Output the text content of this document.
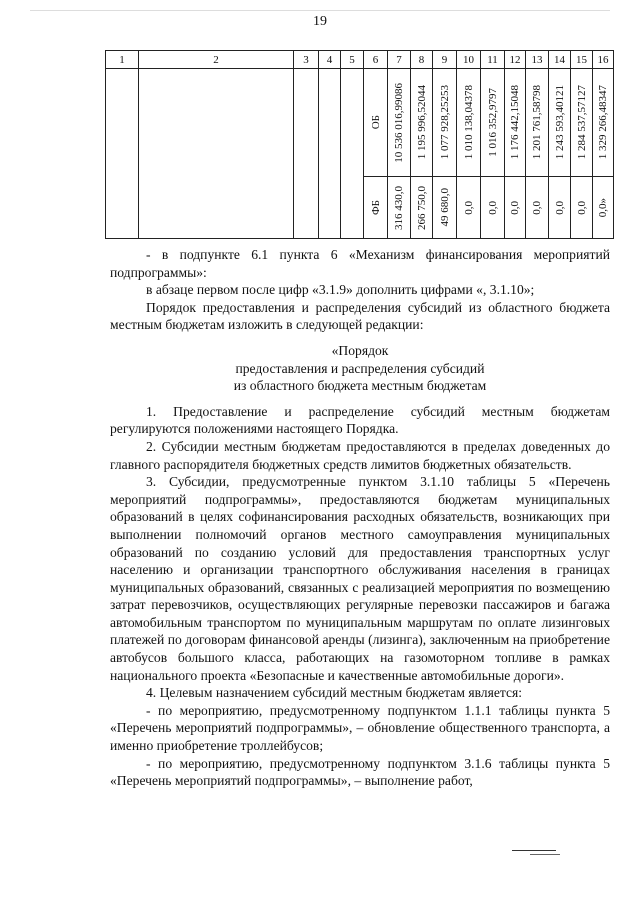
19
1	2	3	4	5	6	7	8	9	10	11	12	13	14	15	16

					ОБ	10 536 016,99086	1 195 996,52044	1 077 928,25253	1 010 138,04378	1 016 352,9797	1 176 442,15048	1 201 761,58798	1 243 593,40121	1 284 537,57127	1 329 266,48347

					ФБ	316 430,0	266 750,0	49 680,0	0,0	0,0	0,0	0,0	0,0	0,0	0,0»

- в подпункте 6.1 пункта 6 «Механизм финансирования мероприятий подпрограммы»:

в абзаце первом после цифр «3.1.9» дополнить цифрами «, 3.1.10»;

Порядок предоставления и распределения субсидий из областного бюджета местным бюджетам изложить в следующей редакции:

«Порядок

предоставления и распределения субсидий

из областного бюджета местным бюджетам

1. Предоставление и распределение субсидий местным бюджетам регулируются положениями настоящего Порядка.

2. Субсидии местным бюджетам предоставляются в пределах доведенных до главного распорядителя бюджетных средств лимитов бюджетных обязательств.

3. Субсидии, предусмотренные пунктом 3.1.10 таблицы 5 «Перечень мероприятий подпрограммы», предоставляются бюджетам муниципальных образований в целях софинансирования расходных обязательств, возникающих при выполнении полномочий органов местного самоуправления муниципальных образований по созданию условий для предоставления транспортных услуг населению и организации транспортного обслуживания населения в границах муниципальных образований, связанных с реализацией мероприятия по возмещению затрат перевозчиков, осуществляющих регулярные перевозки пассажиров и багажа автомобильным транспортом по муниципальным маршрутам по оплате лизинговых платежей по договорам финансовой аренды (лизинга), заключенным на приобретение автобусов большого класса, работающих на газомоторном топливе в рамках национального проекта «Безопасные и качественные автомобильные дороги».

4. Целевым назначением субсидий местным бюджетам является:

- по мероприятию, предусмотренному подпунктом 1.1.1 таблицы пункта 5 «Перечень мероприятий подпрограммы», – обновление общественного транспорта, а именно приобретение троллейбусов;

- по мероприятию, предусмотренному подпунктом 3.1.6 таблицы пункта 5 «Перечень мероприятий подпрограммы», – выполнение работ,
